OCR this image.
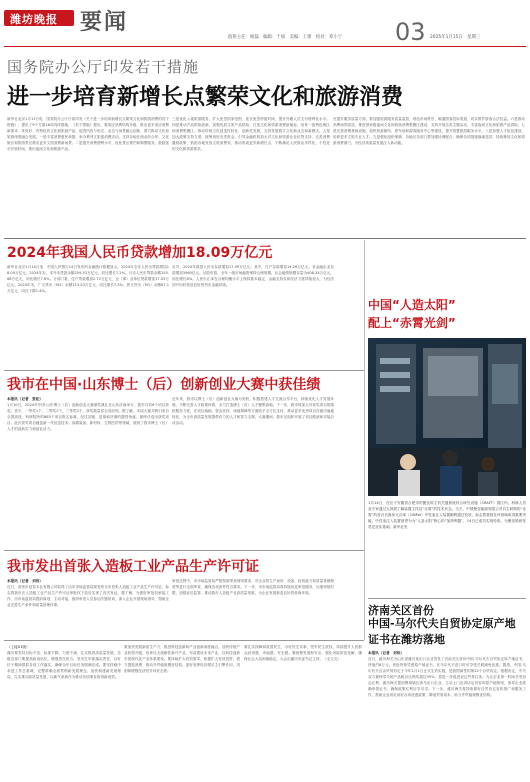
潍坊晚报 要闻
值班主任：杨磊　编辑：于斌　美编：王蕾　校对：邓小宁 03 2025年1月15日　星期三
国务院办公厅印发若干措施
进一步培育新增长点繁荣文化和旅游消费
新华社北京1月13日电　国务院办公厅日前印发《关于进一步培育新增长点繁荣文化和旅游消费的若干措施》，提出了9个方面18项具体措施。《若干措施》提出，要适应消费结构升级，推出更多适应消费新需求、体验好、有特色的文化和旅游产品，促进内容与形式、业态与场景融合创新，着力推动文化和旅游深度融合发展。一是丰富消费惠民举措，举办系列文旅促消费活动，支持各地在商业综合体、文化街区和旅游景区推出更多文旅消费新场景。二是提升消费便利水平，优化景区预约和购票服务，鼓励延长开放时间，推出夜间文化和旅游产品。
三是优化入境旅游服务，扩大免签国家范围，延长免签停留时间，提升外籍人员支付便利化水平。四是推动产品供给创新，加强优质文旅产品供给，打造文化和旅游消费新地标，培育一批特色街区和消费集聚区，推动传统文化创造性转化、创新性发展，支持发展数字文化新业态和新模式。五是加大政策支持力度，统筹用好各类资金，引导金融机构加大对文化和旅游企业信贷支持，完善消费激励政策，鼓励各地发放文旅消费券，推动形成更多新增长点，不断满足人民群众多样化、个性化的文化和旅游需求。
在提升服务质量方面，要加强旅游服务质量监管，规范市场秩序，畅通游客投诉渠道，切实维护游客合法权益。六是推动消费场景改造，推进国家级夜间文化和旅游消费集聚区建设，支持开展各类主题活动，丰富夜间文化和旅游产品供给。七是完善消费基础设施，加快旅游厕所、停车场和游客服务中心等建设，提升智慧旅游服务水平。八是加强人才队伍建设，培养更多文旅专业人才。九是强化组织保障，各地区各部门要加强协调配合，确保各项措施落地见效，持续释放文化和旅游消费潜力，为经济高质量发展注入新动能。
2024年我国人民币贷款增加18.09万亿元
新华社北京1月14日电　中国人民银行14日发布的金融统计数据显示，2024年全年人民币贷款增加18.09万亿元。2024年末，本外币贷款余额259.53万亿元，同比增长7.2%。月末人民币贷款余额255.68万亿元，同比增长7.6%。分部门看，住户贷款增加2.72万亿元，企（事）业单位贷款增加17.05万亿元。2024年末，广义货币（M2）余额313.53万亿元，同比增长7.3%；狭义货币（M1）余额67.1万亿元，同比下降1.4%。
另外，2024年我国人民币存款增加17.99万亿元。其中，住户存款增加14.26万亿元，非金融企业存款增加3960亿元。从股市看，全年一级市场融资保持合理规模，社会融资规模存量为408.34万亿元，同比增长8%。人民币汇率在合理均衡水平上保持基本稳定，金融支持实体经济力度持续加大，为经济回升向好营造良好的货币金融环境。
我市在中国·山东博士（后）创新创业大赛中获佳绩
本报讯（记者　张松）
1月10日，2024年中国·山东博士（后）创新创业大赛颁奖典礼在山东济南举行，我市共有6个项目获奖，其中，一等奖1个，二等奖2个，三等奖3个，获奖数量居全省前列。据了解，本届大赛共吸引来自全国高校、科研院所的863个项目报名参赛，经过初赛、复赛和决赛的激烈角逐，最终评选出获奖项目。此次获奖项目涵盖新一代信息技术、高端装备、新材料、生物医药等领域，展现了我市博士（后）人才的创新实力和创业活力。
近年来，我市以博士（后）创新创业大赛为契机，积极搭建人才交流合作平台，持续优化人才发展环境，不断完善人才政策体系，全力打造博士（后）人才聚集高地。下一步，我市将加大对获奖项目的跟踪服务力度，在项目落地、资金扶持、场地保障等方面给予全方位支持，推动更多优秀项目在潍坊落地转化，为全市高质量发展提供有力的人才和智力支撑。大赛期间，我市还组织开展了项目路演和对接洽谈活动。
我市发出首张入造板工业产品生产许可证
本报讯（记者　刘伟）
近日，高密市冠泰木业有限公司取得了由市市场监管局颁发的全市首张人造板工业产品生产许可证，标志着我市在人造板工业产品生产许可证审批权下放后实现了首次发证。据了解，为做好审批权承接工作，市市场监管局提前谋划、主动对接，组织审查人员参加专题培训，深入企业开展现场指导，帮助企业完善生产条件和质量管理体系。
审批过程中，市市场监管局严格按照审查细则要求，对企业的生产场所、设备、检验能力和质量管理制度等进行全面审查，确保各项条件符合要求。下一步，市市场监管局将持续优化审批服务，压缩审批时限，加强证后监管，推动我市人造板产业高质量发展，为企业发展营造良好的营商环境。
中国“人造太阳”
配上“赤霄光剑”
1月14日，在位于安徽省合肥市的聚变堆主机关键系统综合研究设施（CRAFT）园区内，科研人员及专家通过大屏展了解装置主体及“赤霄”的技术状态。当天，中国聚变能源有限公司自主研制的“赤霄”的首台长脉冲大功率（10MW）中性束注入装置顺利通过验收，标志着我国在该领域取得重要突破。中性束注入装置被誉为为“人造太阳”核心的“加热利器”，14日已成功实现验收，为聚变堆研发奠定坚实基础。新华社发
济南关区首份
中国-马尔代夫自贸协定原产地证书在潍坊落地
本报讯（记者　刘伟）
近日，潍坊海关为山东省潍坊某出口企业签发了济南关区首份中国-马尔代夫自贸协定原产地证书，货值约8万元。该批货物凭借原产地证书，在马尔代夫进口时可享受关税减免优惠。据悉，中国-马尔代夫自由贸易协定于今年1月1日正式生效实施，是我国商签的第22个自贸协定。根据协定，中马双方最终零关税产品税目比例均超过95%，将进一步促进双边贸易往来。为让企业第一时间享受协定红利，潍坊海关提前摸排辖区涉马出口企业，主动上门宣讲协定内容和原产地规则，指导企业准确申领证书，确保政策红利应享尽享。下一步，潍坊海关将持续做好自贸协定宣传推广和服务工作，帮助企业用足用好各项优惠政策，降低贸易成本，助力外贸稳规模优结构。
（上接01版）
潍坊要坚持目标不变、标准不降、力度不减，扎实推进高质量发展，各级各部门要提高政治站位，增强责任担当，坚决扛牢抓落实责任，以钉钉子精神狠抓各项工作落实，确保全年目标任务圆满完成。要坚持稳中求进工作总基调，完整准确全面贯彻新发展理念，加快构建新发展格局，扎实推动高质量发展，以新气象新作为推动各项事业取得新成效。
要加快发展新质生产力，推进科技创新和产业创新深度融合，加快传统产业转型升级，培育壮大战略性新兴产业，布局建设未来产业，以科技创新引领现代化产业体系建设。要持续扩大有效需求，积极扩大有效投资，着力提振消费，推动外贸稳规模优结构，更好发挥经济增长主引擎作用，巩固和增强经济回升向好态势。
要扎实保障和改善民生，办好民生实事，兜牢民生底线，持续提升人民群众获得感、幸福感、安全感。要统筹发展和安全，强化风险防范化解，确保社会大局和谐稳定。大会由潍坊市委书记主持。（全文完）
